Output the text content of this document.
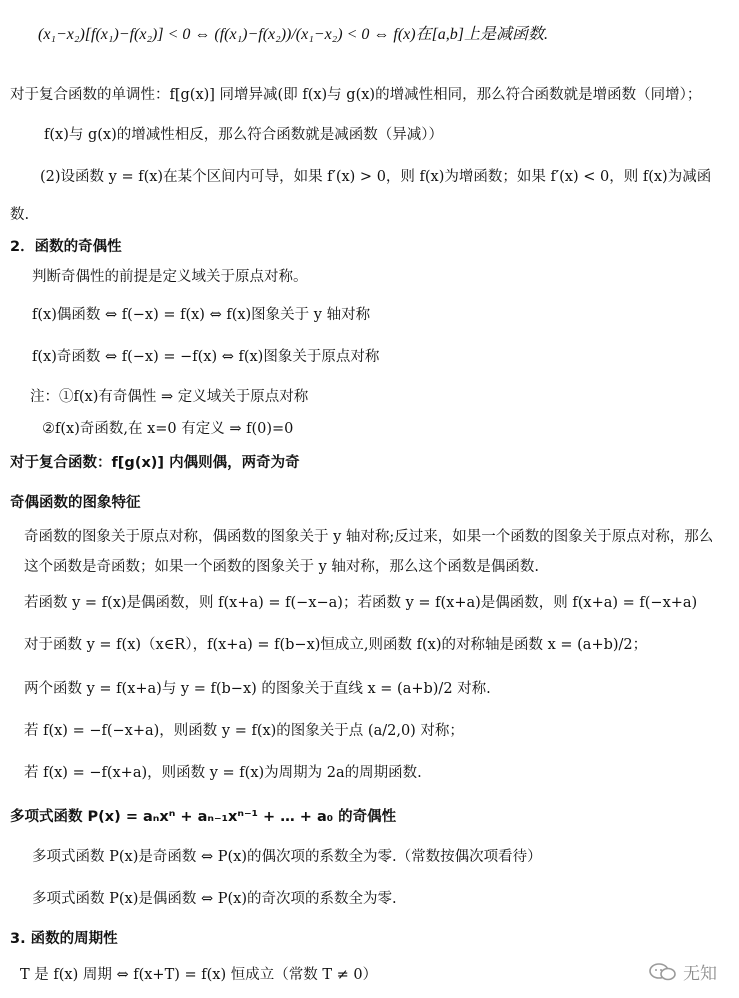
(x₁−x₂)[f(x₁)−f(x₂)] < 0 ⇔ (f(x₁)−f(x₂))/(x₁−x₂) < 0 ⇔ f(x)在[a,b]上是减函数.
对于复合函数的单调性：f[g(x)] 同增异减(即 f(x)与 g(x)的增减性相同，那么符合函数就是增函数（同增）；
f(x)与 g(x)的增减性相反，那么符合函数就是减函数（异减））
(2)设函数 y = f(x)在某个区间内可导，如果 f′(x) > 0，则 f(x)为增函数；如果 f′(x) < 0，则 f(x)为减函
数.
2．函数的奇偶性
判断奇偶性的前提是定义域关于原点对称。
f(x)偶函数 ⇔ f(−x) = f(x) ⇔ f(x)图象关于 y 轴对称
f(x)奇函数 ⇔ f(−x) = −f(x) ⇔ f(x)图象关于原点对称
注：①f(x)有奇偶性 ⇒ 定义域关于原点对称
②f(x)奇函数,在 x=0 有定义 ⇒ f(0)=0
对于复合函数：f[g(x)] 内偶则偶，两奇为奇
奇偶函数的图象特征
奇函数的图象关于原点对称，偶函数的图象关于 y 轴对称;反过来，如果一个函数的图象关于原点对称，那么
这个函数是奇函数；如果一个函数的图象关于 y 轴对称，那么这个函数是偶函数.
若函数 y = f(x)是偶函数，则 f(x+a) = f(−x−a)；若函数 y = f(x+a)是偶函数，则 f(x+a) = f(−x+a)
对于函数 y = f(x)（x∈R），f(x+a) = f(b−x)恒成立,则函数 f(x)的对称轴是函数 x = (a+b)/2；
两个函数 y = f(x+a)与 y = f(b−x) 的图象关于直线 x = (a+b)/2 对称.
若 f(x) = −f(−x+a)，则函数 y = f(x)的图象关于点 (a/2,0) 对称；
若 f(x) = −f(x+a)，则函数 y = f(x)为周期为 2a的周期函数.
多项式函数 P(x) = aₙxⁿ + aₙ₋₁xⁿ⁻¹ + … + a₀ 的奇偶性
多项式函数 P(x)是奇函数 ⇔ P(x)的偶次项的系数全为零.（常数按偶次项看待）
多项式函数 P(x)是偶函数 ⇔ P(x)的奇次项的系数全为零.
3. 函数的周期性
T 是 f(x) 周期 ⇔ f(x+T) = f(x) 恒成立（常数 T ≠ 0）	无知
